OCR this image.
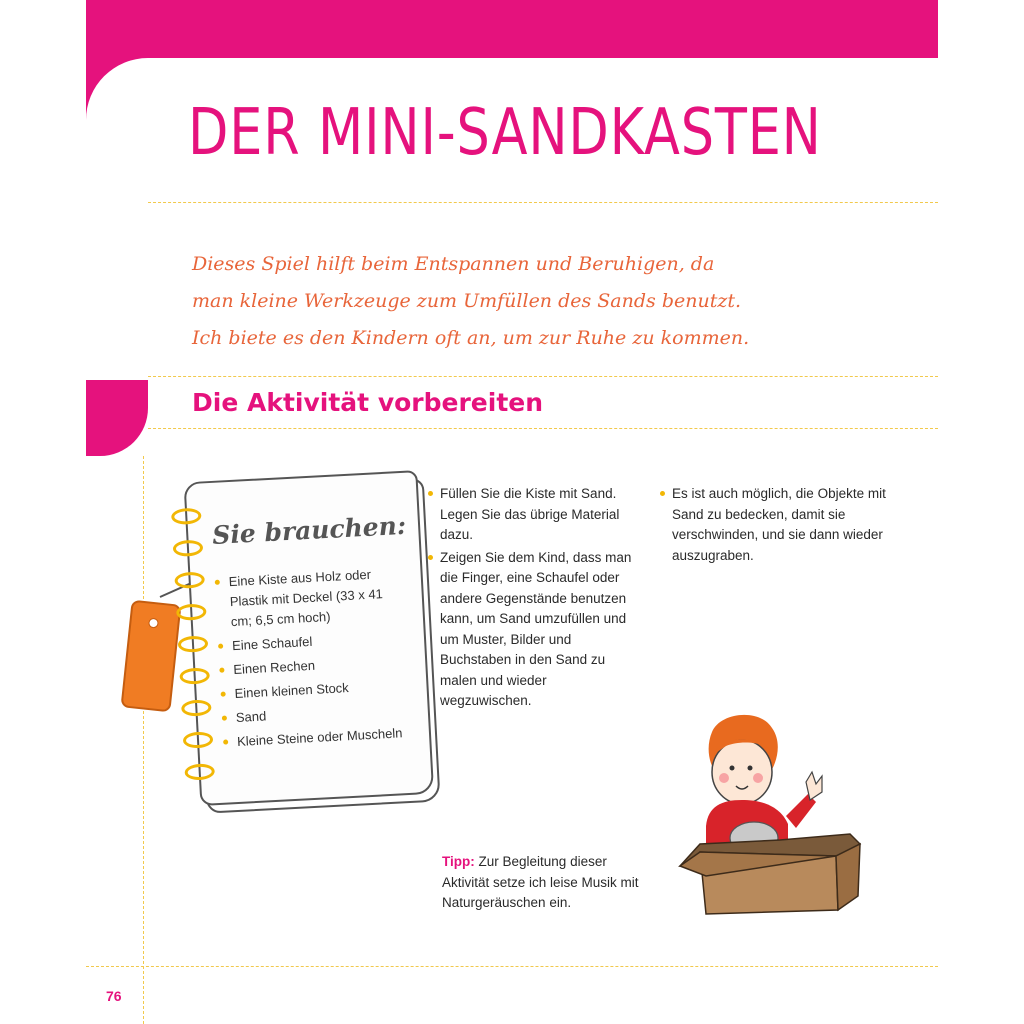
DER MINI-SANDKASTEN

Dieses Spiel hilft beim Entspannen und Beruhigen, da man kleine Werkzeuge zum Umfüllen des Sands benutzt. Ich biete es den Kindern oft an, um zur Ruhe zu kommen.

Die Aktivität vorbereiten
Sie brauchen:
Eine Kiste aus Holz oder Plastik mit Deckel (33 x 41 cm; 6,5 cm hoch)
Eine Schaufel
Einen Rechen
Einen kleinen Stock
Sand
Kleine Steine oder Muscheln
Füllen Sie die Kiste mit Sand. Legen Sie das übrige Material dazu.
Zeigen Sie dem Kind, dass man die Finger, eine Schaufel oder andere Gegenstände benutzen kann, um Sand umzufüllen und um Muster, Bilder und Buchstaben in den Sand zu malen und wieder wegzuwischen.
Es ist auch möglich, die Objekte mit Sand zu bedecken, damit sie verschwinden, und sie dann wieder auszugraben.

Tipp: Zur Begleitung dieser Aktivität setze ich leise Musik mit Naturgeräuschen ein.

76
